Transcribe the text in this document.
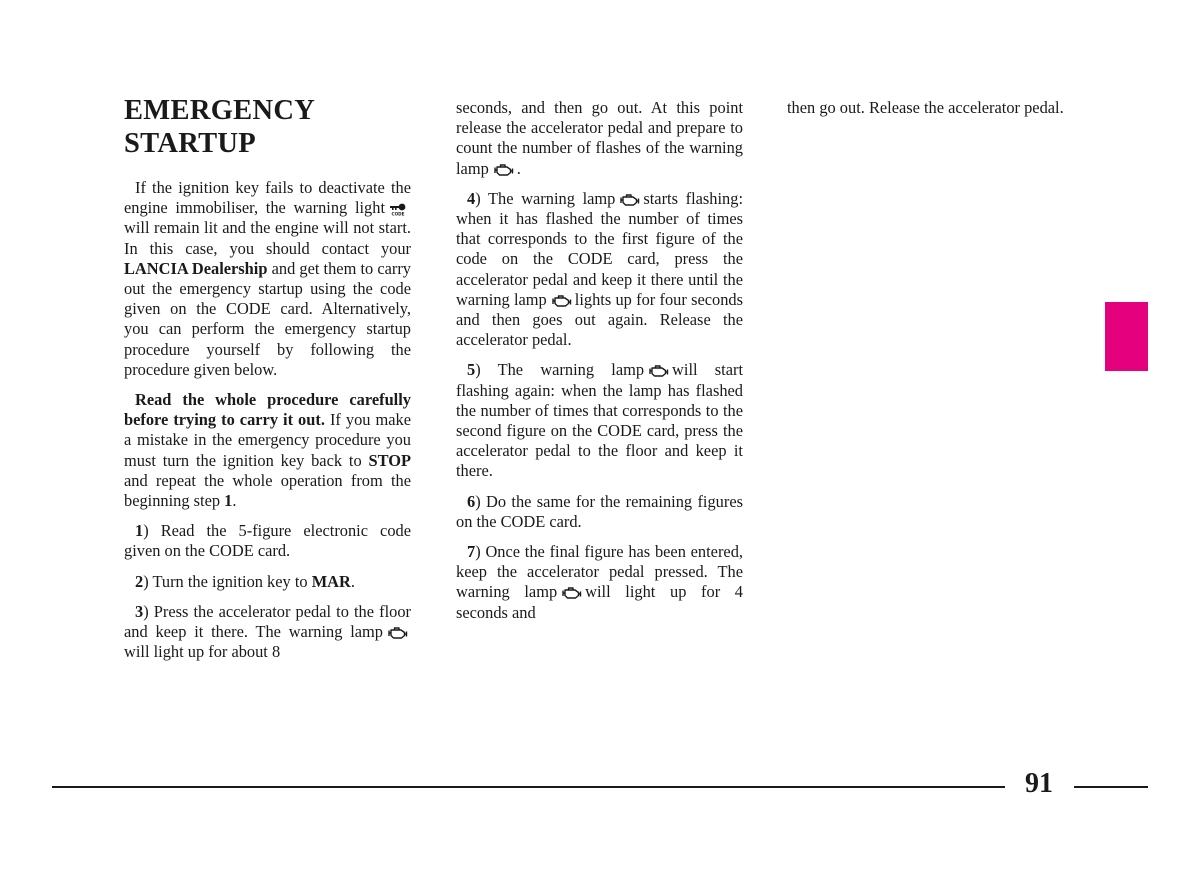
EMERGENCY
STARTUP

If the ignition key fails to deactivate the engine immobiliser, the warning light CODE
will remain lit and the engine will not start. In this case, you should contact your LANCIA Dealership and get them to carry out the emergency startup using the code given on the CODE card. Alternatively, you can perform the emergency startup procedure yourself by following the procedure given below.

Read the whole procedure carefully before trying to carry it out. If you make a mistake in the emergency procedure you must turn the ignition key back to STOP and repeat the whole operation from the beginning step 1.

1) Read the 5-figure electronic code given on the CODE card.

2) Turn the ignition key to MAR.

3) Press the accelerator pedal to the floor and keep it there. The warning lampwill light up for about 8

seconds, and then go out. At this point release the accelerator pedal and prepare to count the number of flashes of the warning lamp .

4) The warning lamp starts flashing: when it has flashed the number of times that corresponds to the first figure of the code on the CODE card, press the accelerator pedal and keep it there until the warning lamp lights up for four seconds and then goes out again. Release the accelerator pedal.

5) The warning lamp will start flashing again: when the lamp has flashed the number of times that corresponds to the second figure on the CODE card, press the accelerator pedal to the floor and keep it there.

6) Do the same for the remaining figures on the CODE card.

7) Once the final figure has been entered, keep the accelerator pedal pressed. The warning lamp will light up for 4 seconds and

then go out. Release the accelerator pedal.

91
